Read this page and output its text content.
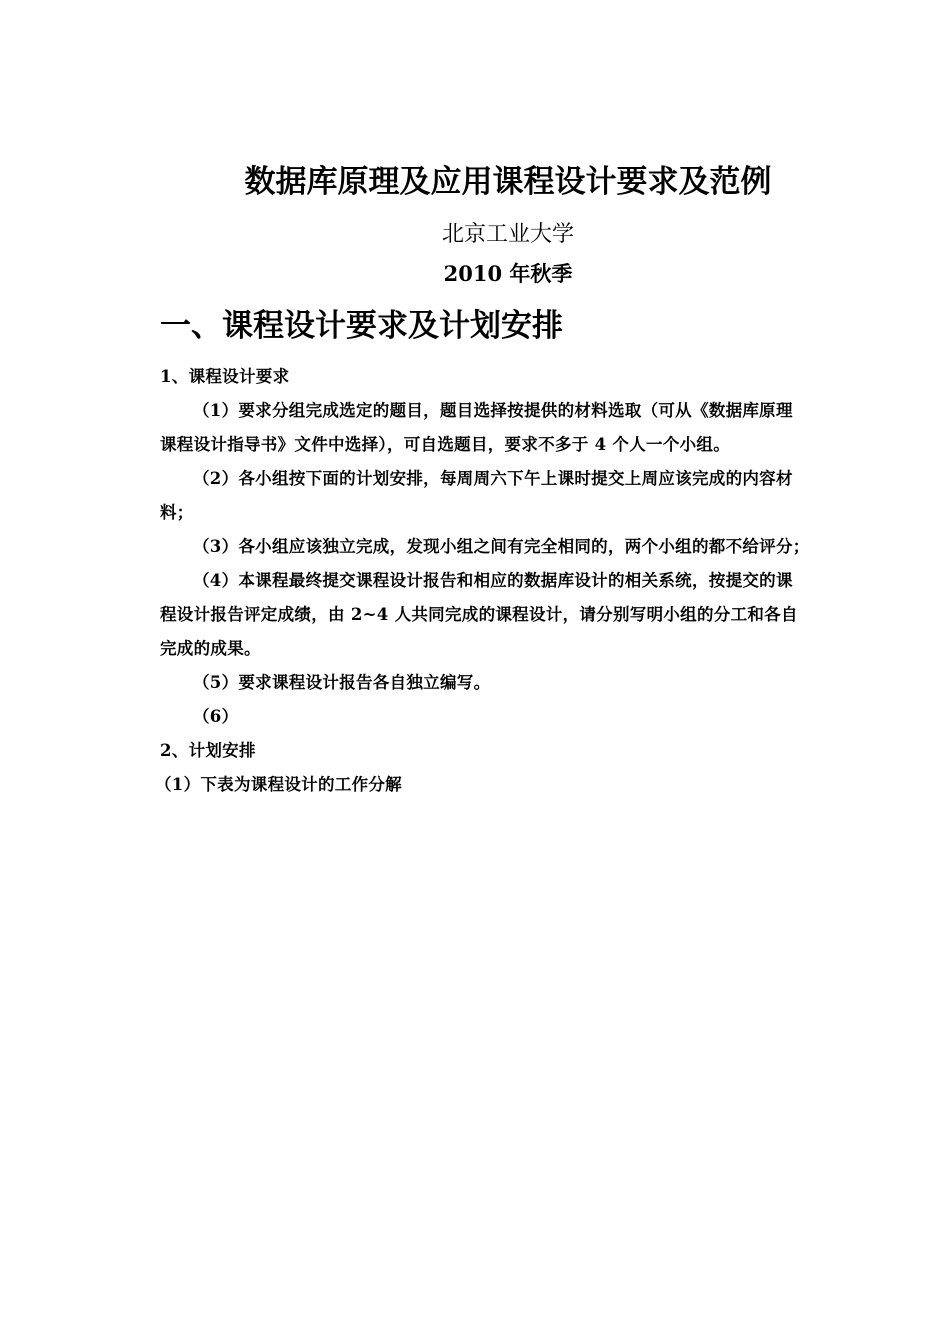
数据库原理及应用课程设计要求及范例
北京工业大学
2010 年秋季
一、课程设计要求及计划安排

1、课程设计要求

（1）要求分组完成选定的题目，题目选择按提供的材料选取（可从《数据库原理

课程设计指导书》文件中选择），可自选题目，要求不多于 4 个人一个小组。

（2）各小组按下面的计划安排，每周周六下午上课时提交上周应该完成的内容材

料；

（3）各小组应该独立完成，发现小组之间有完全相同的，两个小组的都不给评分；

（4）本课程最终提交课程设计报告和相应的数据库设计的相关系统，按提交的课

程设计报告评定成绩，由 2~4 人共同完成的课程设计，请分别写明小组的分工和各自

完成的成果。

（5）要求课程设计报告各自独立编写。

（6）

2、计划安排

（1）下表为课程设计的工作分解
